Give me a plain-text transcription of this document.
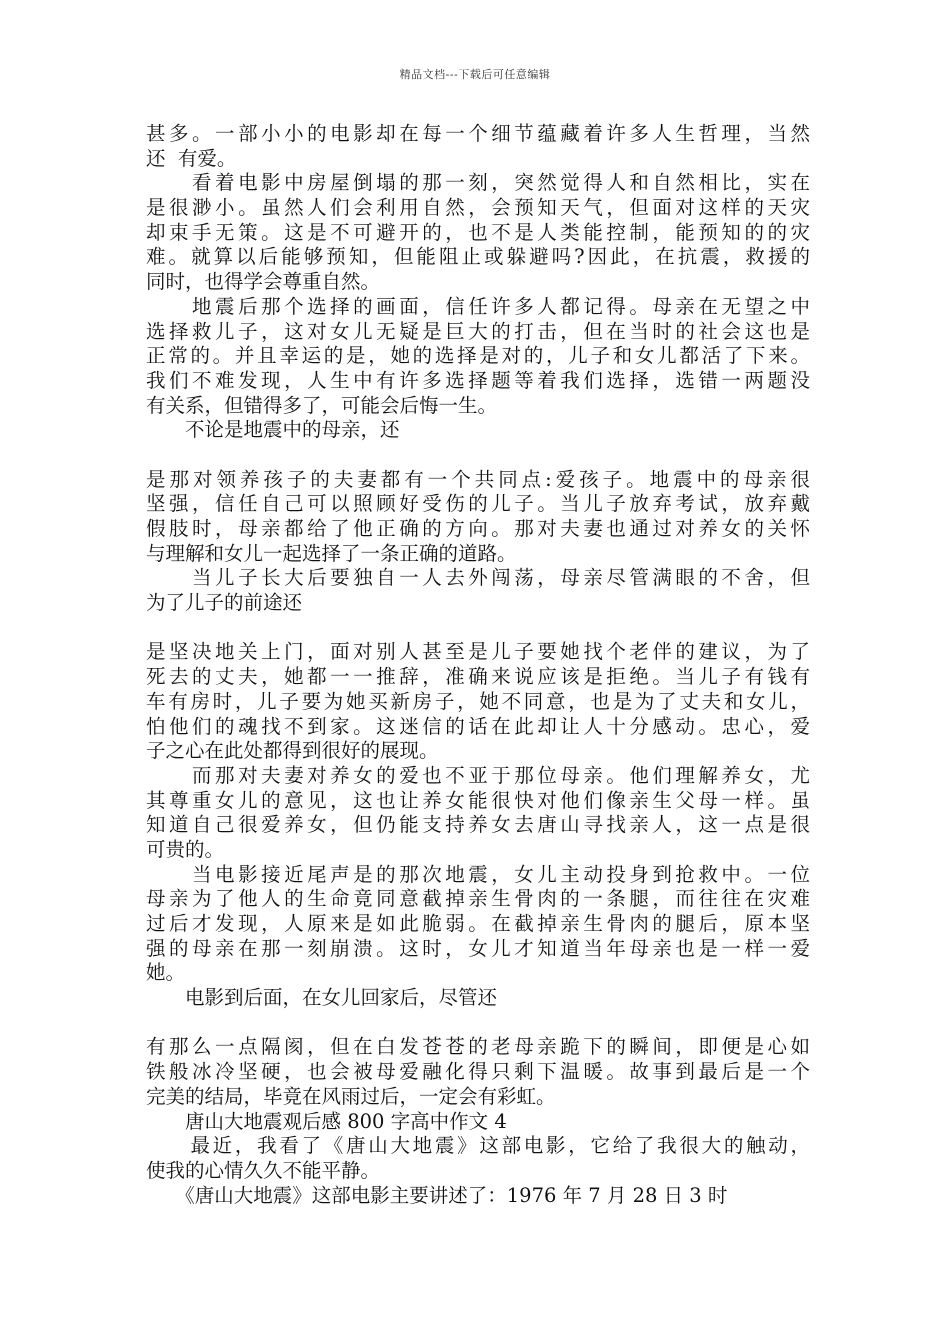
精品文档---下载后可任意编辑
甚多。一部小小的电影却在每一个细节蕴藏着许多人生哲理，当然
还  有爱。
　　看着电影中房屋倒塌的那一刻，突然觉得人和自然相比，实在
是很渺小。虽然人们会利用自然，会预知天气，但面对这样的天灾
却束手无策。这是不可避开的，也不是人类能控制，能预知的的灾
难。就算以后能够预知，但能阻止或躲避吗?因此，在抗震，救援的
同时，也得学会尊重自然。
　　地震后那个选择的画面，信任许多人都记得。母亲在无望之中
选择救儿子，这对女儿无疑是巨大的打击，但在当时的社会这也是
正常的。并且幸运的是，她的选择是对的，儿子和女儿都活了下来。
我们不难发现，人生中有许多选择题等着我们选择，选错一两题没
有关系，但错得多了，可能会后悔一生。
　　不论是地震中的母亲，还
是那对领养孩子的夫妻都有一个共同点:爱孩子。地震中的母亲很
坚强，信任自己可以照顾好受伤的儿子。当儿子放弃考试，放弃戴
假肢时，母亲都给了他正确的方向。那对夫妻也通过对养女的关怀
与理解和女儿一起选择了一条正确的道路。
　　当儿子长大后要独自一人去外闯荡，母亲尽管满眼的不舍，但
为了儿子的前途还
是坚决地关上门，面对别人甚至是儿子要她找个老伴的建议，为了
死去的丈夫，她都一一推辞，准确来说应该是拒绝。当儿子有钱有
车有房时，儿子要为她买新房子，她不同意，也是为了丈夫和女儿，
怕他们的魂找不到家。这迷信的话在此却让人十分感动。忠心，爱
子之心在此处都得到很好的展现。
　　而那对夫妻对养女的爱也不亚于那位母亲。他们理解养女，尤
其尊重女儿的意见，这也让养女能很快对他们像亲生父母一样。虽
知道自己很爱养女，但仍能支持养女去唐山寻找亲人，这一点是很
可贵的。
　　当电影接近尾声是的那次地震，女儿主动投身到抢救中。一位
母亲为了他人的生命竟同意截掉亲生骨肉的一条腿，而往往在灾难
过后才发现，人原来是如此脆弱。在截掉亲生骨肉的腿后，原本坚
强的母亲在那一刻崩溃。这时，女儿才知道当年母亲也是一样一爱
她。
　　电影到后面，在女儿回家后，尽管还
有那么一点隔阂，但在白发苍苍的老母亲跪下的瞬间，即便是心如
铁般冰冷坚硬，也会被母爱融化得只剩下温暖。故事到最后是一个
完美的结局，毕竟在风雨过后，一定会有彩虹。
　　唐山大地震观后感 800 字高中作文 4
　　最近，我看了《唐山大地震》这部电影，它给了我很大的触动，
使我的心情久久不能平静。
　　《唐山大地震》这部电影主要讲述了：1976 年 7 月 28 日 3 时
